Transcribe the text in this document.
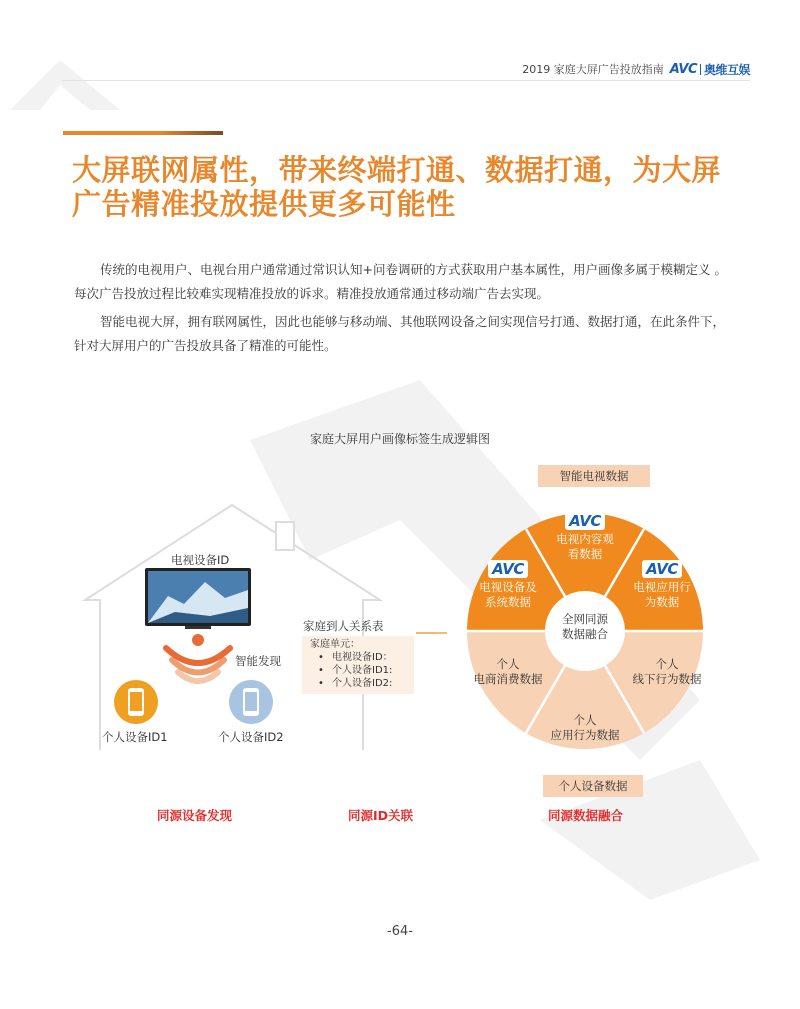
2019 家庭大屏广告投放指南 AVC 奥维互娱
大屏联网属性，带来终端打通、数据打通，为大屏广告精准投放提供更多可能性

传统的电视用户、电视台用户通常通过常识认知+问卷调研的方式获取用户基本属性，用户画像多属于模糊定义 。每次广告投放过程比较难实现精准投放的诉求。精准投放通常通过移动端广告去实现。

智能电视大屏，拥有联网属性，因此也能够与移动端、其他联网设备之间实现信号打通、数据打通，在此条件下，针对大屏用户的广告投放具备了精准的可能性。

家庭大屏用户画像标签生成逻辑图
电视设备ID
智能发现
个人设备ID1	个人设备ID2
家庭到人关系表
家庭单元：
• 电视设备ID：
• 个人设备ID1:
• 个人设备ID2:
智能电视数据
个人设备数据
AVC
电视内容观
看数据
AVC
电视设备及
系统数据
AVC
电视应用行
为数据
全网同源
数据融合
个人
电商消费数据
个人
线下行为数据
个人
应用行为数据
同源设备发现	同源ID关联	同源数据融合
-64-
